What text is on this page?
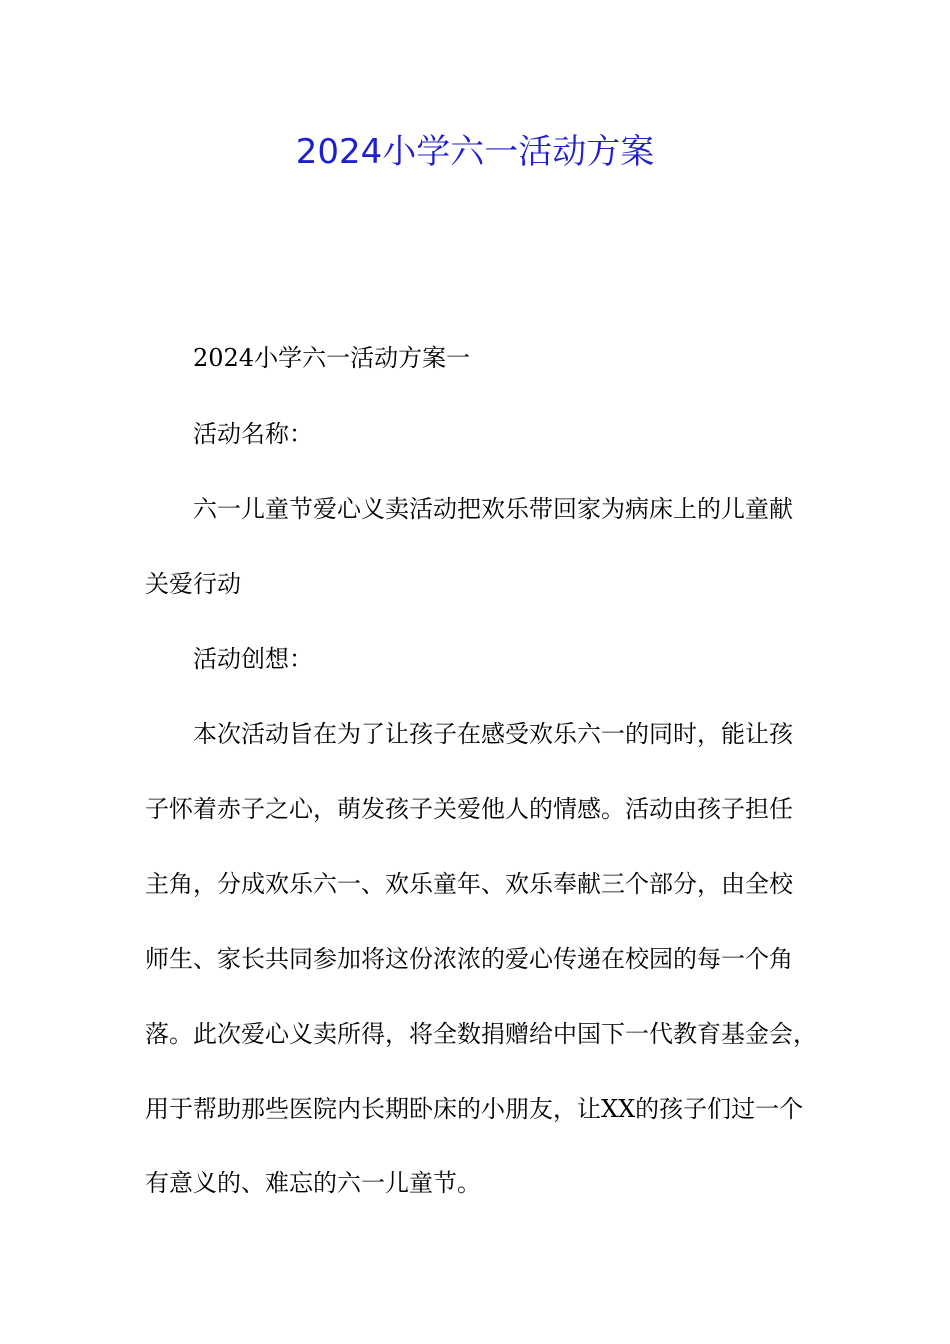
2024小学六一活动方案
2024小学六一活动方案一
活动名称：
六一儿童节爱心义卖活动把欢乐带回家为病床上的儿童献
关爱行动
活动创想：
本次活动旨在为了让孩子在感受欢乐六一的同时，能让孩
子怀着赤子之心，萌发孩子关爱他人的情感。活动由孩子担任
主角，分成欢乐六一、欢乐童年、欢乐奉献三个部分，由全校
师生、家长共同参加将这份浓浓的爱心传递在校园的每一个角
落。此次爱心义卖所得，将全数捐赠给中国下一代教育基金会，
用于帮助那些医院内长期卧床的小朋友，让XX的孩子们过一个
有意义的、难忘的六一儿童节。
